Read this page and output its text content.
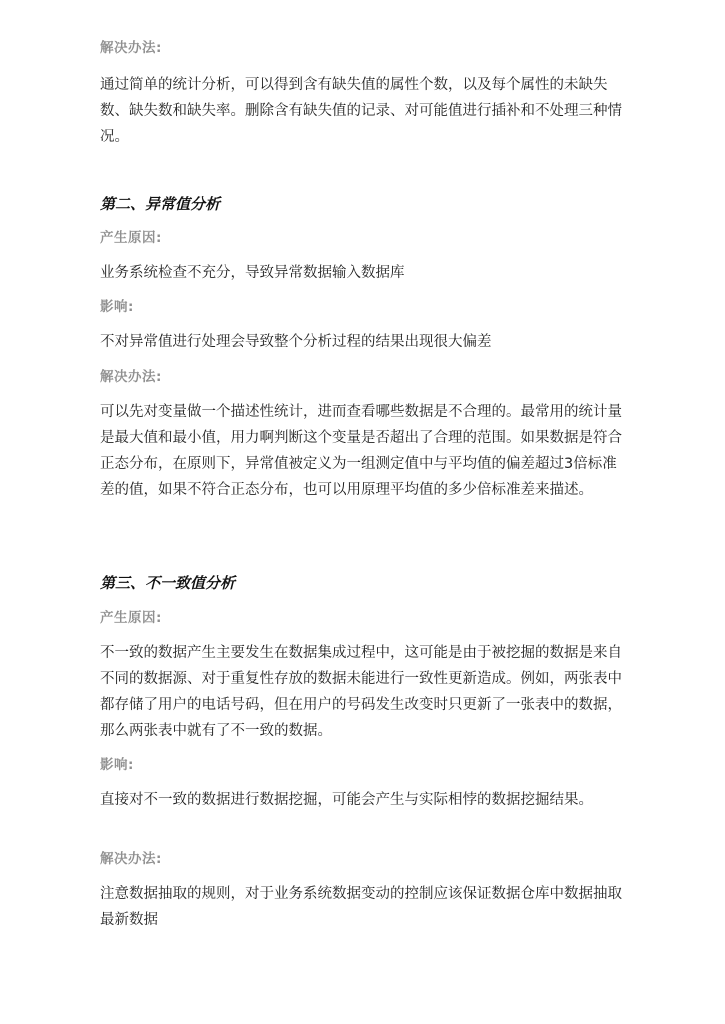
解决办法:

通过简单的统计分析，可以得到含有缺失值的属性个数，以及每个属性的未缺失数、缺失数和缺失率。删除含有缺失值的记录、对可能值进行插补和不处理三种情况。

第二、异常值分析
产生原因:

业务系统检查不充分，导致异常数据输入数据库

影响:

不对异常值进行处理会导致整个分析过程的结果出现很大偏差

解决办法:

可以先对变量做一个描述性统计，进而查看哪些数据是不合理的。最常用的统计量是最大值和最小值，用力啊判断这个变量是否超出了合理的范围。如果数据是符合正态分布，在原则下，异常值被定义为一组测定值中与平均值的偏差超过3倍标准差的值，如果不符合正态分布，也可以用原理平均值的多少倍标准差来描述。

第三、不一致值分析
产生原因:

不一致的数据产生主要发生在数据集成过程中，这可能是由于被挖掘的数据是来自不同的数据源、对于重复性存放的数据未能进行一致性更新造成。例如，两张表中都存储了用户的电话号码，但在用户的号码发生改变时只更新了一张表中的数据，那么两张表中就有了不一致的数据。

影响:

直接对不一致的数据进行数据挖掘，可能会产生与实际相悖的数据挖掘结果。

解决办法:

注意数据抽取的规则，对于业务系统数据变动的控制应该保证数据仓库中数据抽取最新数据
